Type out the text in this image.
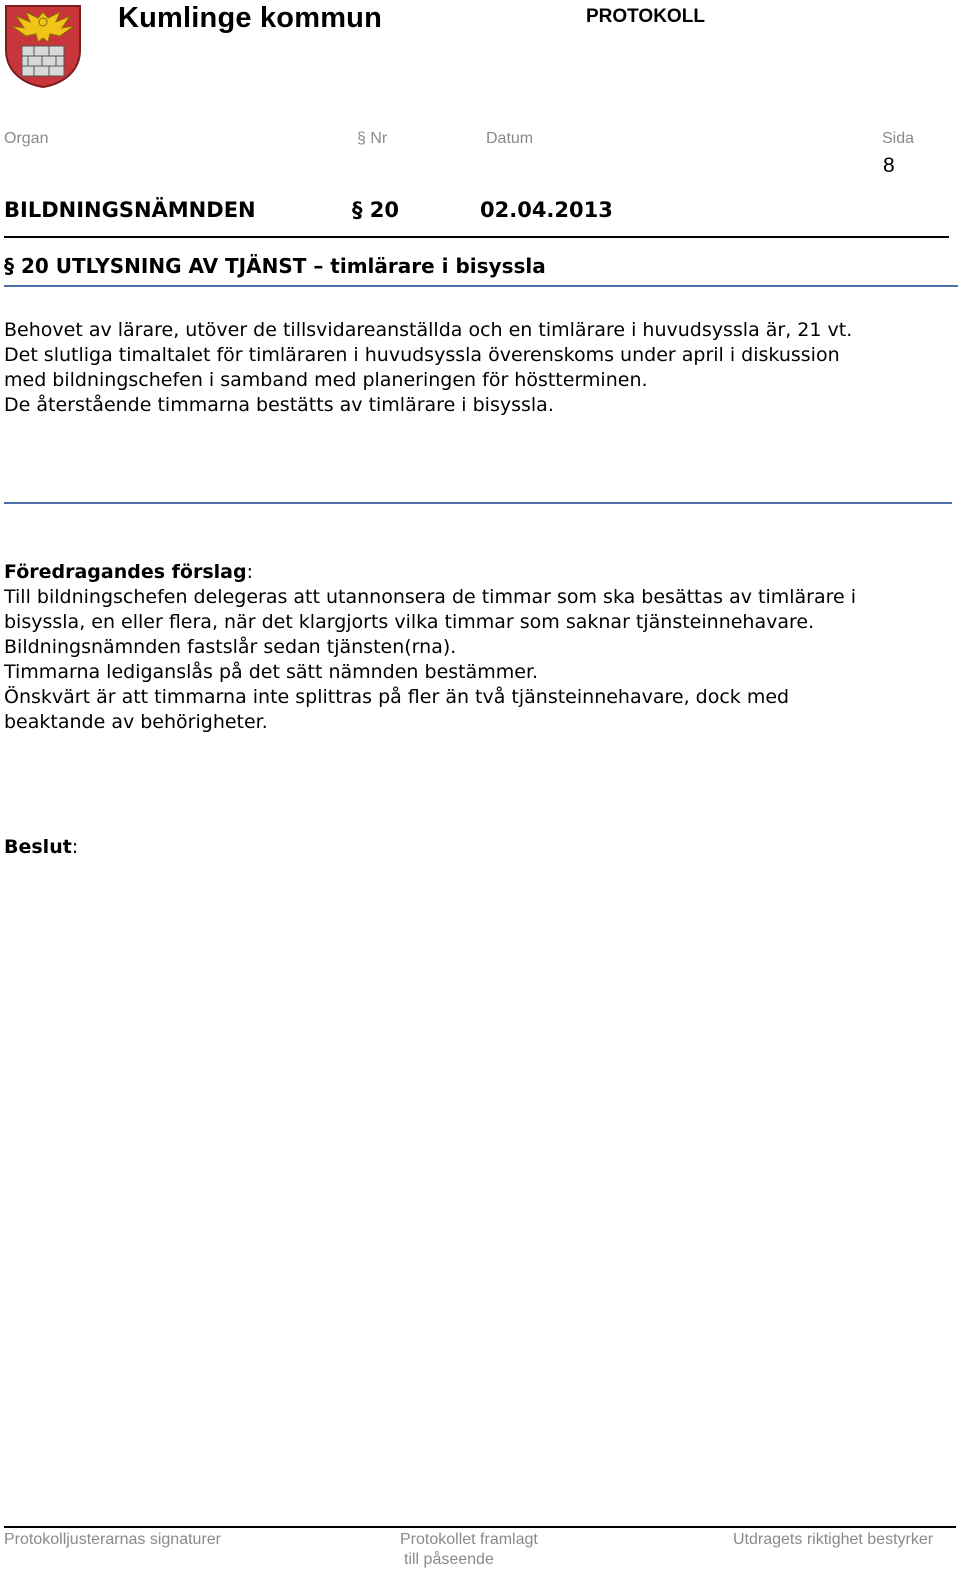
Kumlinge kommun	PROTOKOLL
Organ	§ Nr	Datum	Sida
8
BILDNINGSNÄMNDEN	§ 20	02.04.2013
§ 20 UTLYSNING AV TJÄNST – timlärare i bisyssla
Behovet av lärare, utöver de tillsvidareanställda och en timlärare i huvudsyssla är, 21 vt.
Det slutliga timaltalet för timläraren i huvudsyssla överenskoms under april i diskussion
med bildningschefen i samband med planeringen för höstterminen.
De återstående timmarna bestätts av timlärare i bisyssla.
Föredragandes förslag:
Till bildningschefen delegeras att utannonsera de timmar som ska besättas av timlärare i
bisyssla, en eller flera, när det klargjorts vilka timmar som saknar tjänsteinnehavare.
Bildningsnämnden fastslår sedan tjänsten(rna).
Timmarna lediganslås på det sätt nämnden bestämmer.
Önskvärt är att timmarna inte splittras på fler än två tjänsteinnehavare, dock med
beaktande av behörigheter.
Beslut:
Protokolljusterarnas signaturer	Protokollet framlagt
till påseende
Utdragets riktighet bestyrker
